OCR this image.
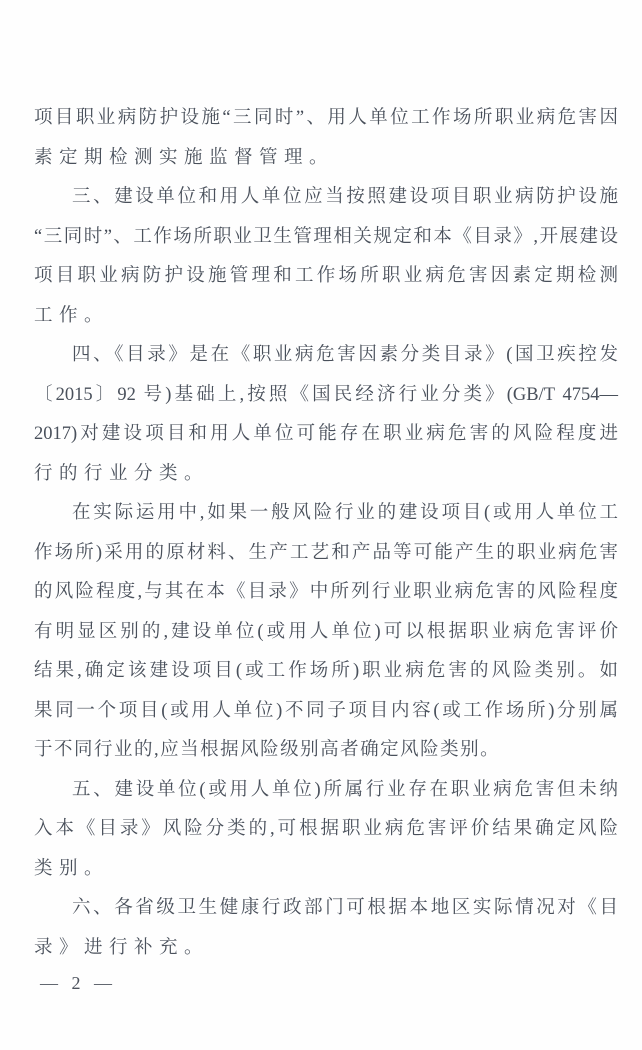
项目职业病防护设施“三同时”、用人单位工作场所职业病危害因
素定期检测实施监督管理。
三、建设单位和用人单位应当按照建设项目职业病防护设施
“三同时”、工作场所职业卫生管理相关规定和本《目录》,开展建设
项目职业病防护设施管理和工作场所职业病危害因素定期检测
工作。
四、《目录》是在《职业病危害因素分类目录》(国卫疾控发
〔2015〕92 号)基础上,按照《国民经济行业分类》(GB/T 4754—
2017)对建设项目和用人单位可能存在职业病危害的风险程度进
行的行业分类。
在实际运用中,如果一般风险行业的建设项目(或用人单位工
作场所)采用的原材料、生产工艺和产品等可能产生的职业病危害
的风险程度,与其在本《目录》中所列行业职业病危害的风险程度
有明显区别的,建设单位(或用人单位)可以根据职业病危害评价
结果,确定该建设项目(或工作场所)职业病危害的风险类别。如
果同一个项目(或用人单位)不同子项目内容(或工作场所)分别属
于不同行业的,应当根据风险级别高者确定风险类别。
五、建设单位(或用人单位)所属行业存在职业病危害但未纳
入本《目录》风险分类的,可根据职业病危害评价结果确定风险
类别。
六、各省级卫生健康行政部门可根据本地区实际情况对《目
录》进行补充。
— 2 —
